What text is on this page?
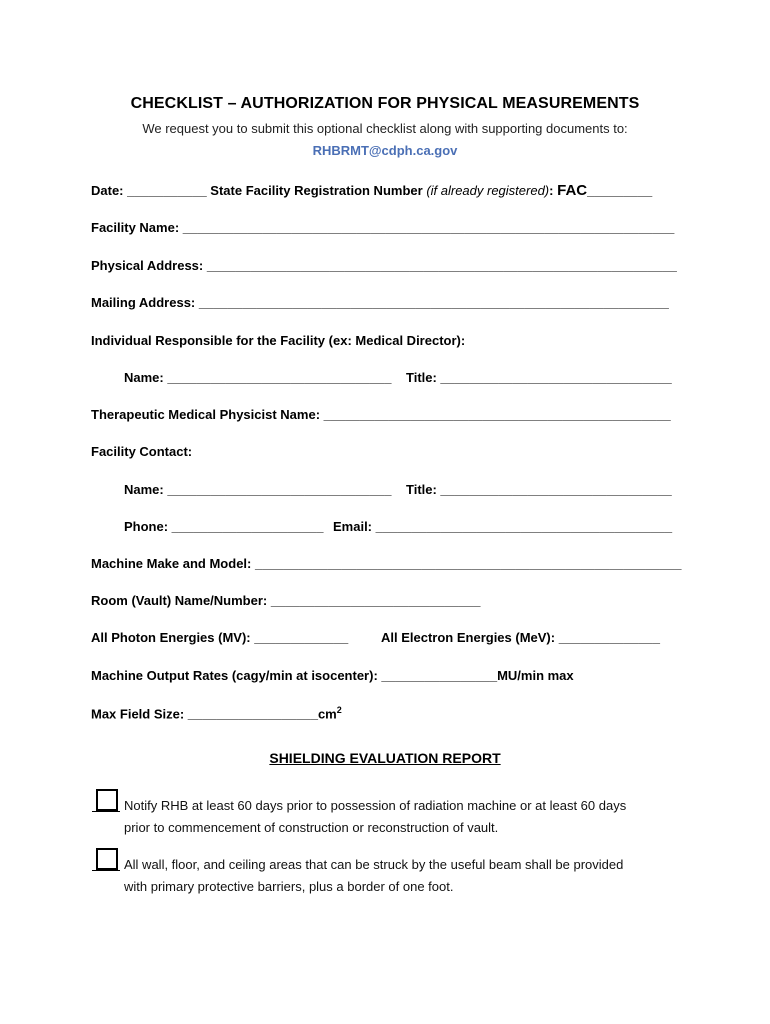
CHECKLIST – AUTHORIZATION FOR PHYSICAL MEASUREMENTS
We request you to submit this optional checklist along with supporting documents to:
RHBRMT@cdph.ca.gov
Date: ___________ State Facility Registration Number (if already registered): FAC_________
Facility Name: ____________________________________________________________________
Physical Address: _________________________________________________________________
Mailing Address: _________________________________________________________________
Individual Responsible for the Facility (ex: Medical Director):
Name: _______________________________ Title: ________________________________
Therapeutic Medical Physicist Name: ________________________________________________
Facility Contact:
Name: _______________________________ Title: ________________________________
Phone: _____________________ Email: _________________________________________
Machine Make and Model: ___________________________________________________________
Room (Vault) Name/Number: _____________________________
All Photon Energies (MV): _____________	All Electron Energies (MeV): ______________
Machine Output Rates (cagy/min at isocenter): ________________MU/min max
Max Field Size: $\_\_\_\_\_\_\_\_\_\_\_\_\_\_\_\_\_\_cm^2$
SHIELDING EVALUATION REPORT
Notify RHB at least 60 days prior to possession of radiation machine or at least 60 days
prior to commencement of construction or reconstruction of vault.
All wall, floor, and ceiling areas that can be struck by the useful beam shall be provided
with primary protective barriers, plus a border of one foot.
